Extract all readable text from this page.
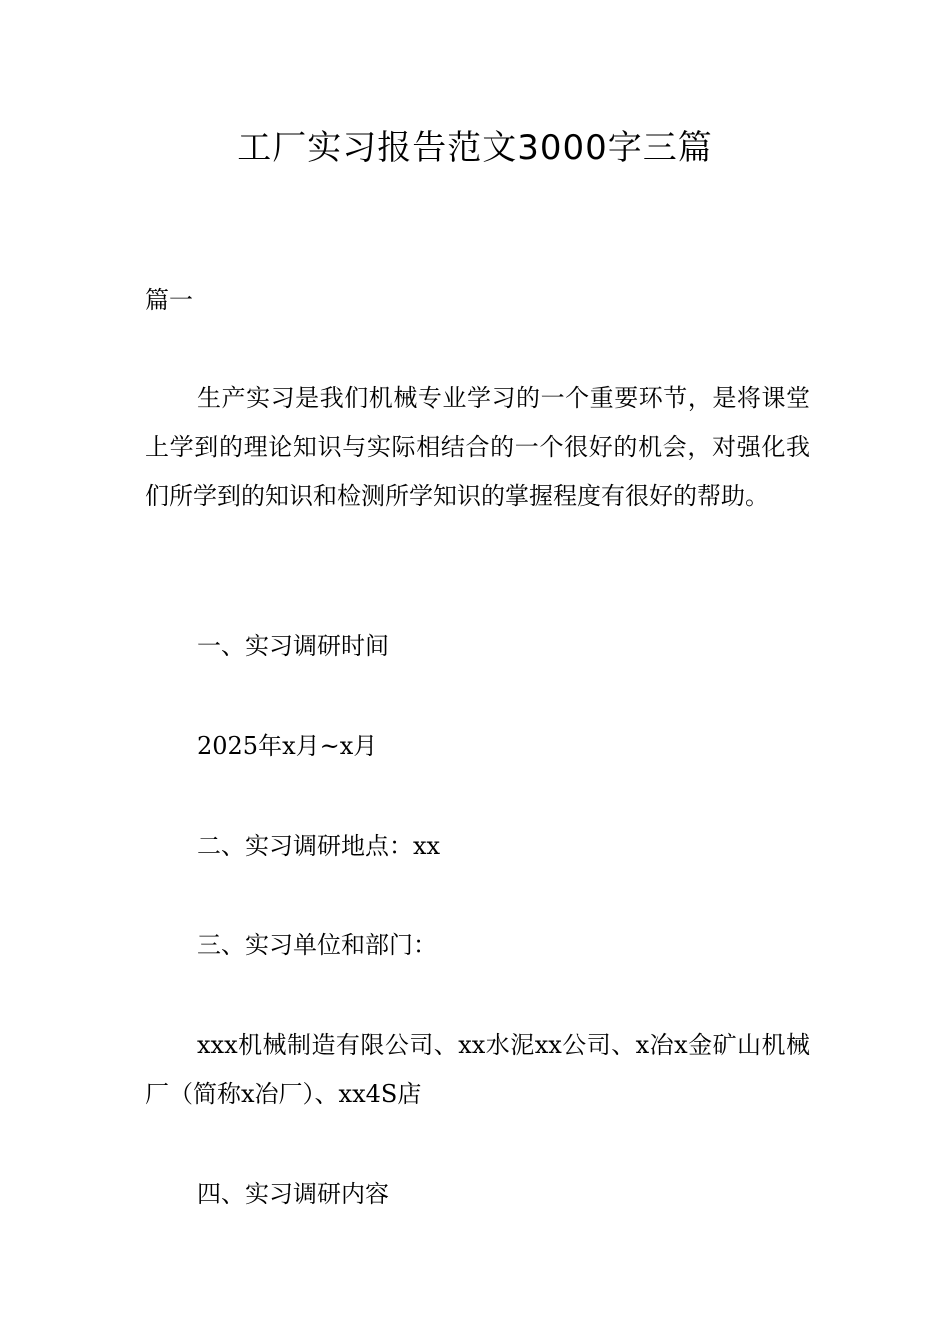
工厂实习报告范文3000字三篇

篇一

生产实习是我们机械专业学习的一个重要环节，是将课堂上学到的理论知识与实际相结合的一个很好的机会，对强化我们所学到的知识和检测所学知识的掌握程度有很好的帮助。

一、实习调研时间

2025年x月~x月

二、实习调研地点：xx

三、实习单位和部门：

xxx机械制造有限公司、xx水泥xx公司、x冶x金矿山机械厂（简称x冶厂）、xx4S店

四、实习调研内容
